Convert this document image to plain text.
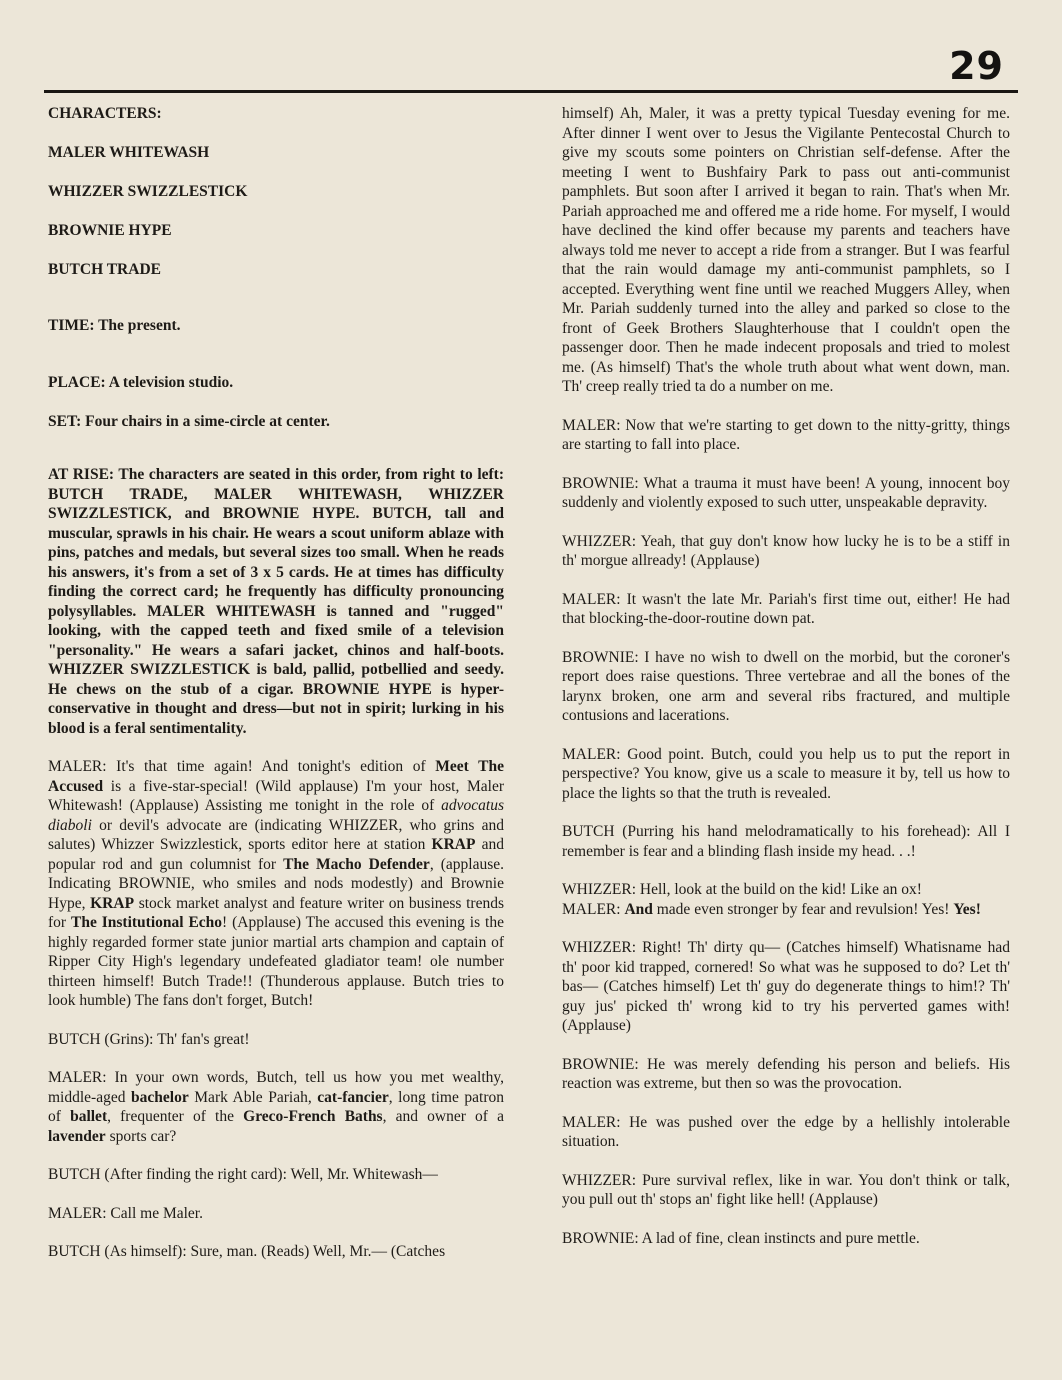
29

CHARACTERS:

MALER WHITEWASH

WHIZZER SWIZZLESTICK

BROWNIE HYPE

BUTCH TRADE

TIME: The present.

PLACE: A television studio.

SET: Four chairs in a sime-circle at center.

AT RISE: The characters are seated in this order, from right to left: BUTCH TRADE, MALER WHITEWASH, WHIZZER SWIZZLESTICK, and BROWNIE HYPE. BUTCH, tall and muscular, sprawls in his chair. He wears a scout uniform ablaze with pins, patches and medals, but several sizes too small. When he reads his answers, it's from a set of 3 x 5 cards. He at times has difficulty finding the correct card; he frequently has difficulty pronouncing polysyllables. MALER WHITEWASH is tanned and "rugged" looking, with the capped teeth and fixed smile of a television "personality." He wears a safari jacket, chinos and half-boots. WHIZZER SWIZZLESTICK is bald, pallid, potbellied and seedy. He chews on the stub of a cigar. BROWNIE HYPE is hyper-conservative in thought and dress—but not in spirit; lurking in his blood is a feral sentimentality.

MALER: It's that time again! And tonight's edition of Meet The Accused is a five-star-special! (Wild applause) I'm your host, Maler Whitewash! (Applause) Assisting me tonight in the role of advocatus diaboli or devil's advocate are (indicating WHIZZER, who grins and salutes) Whizzer Swizzlestick, sports editor here at station KRAP and popular rod and gun columnist for The Macho Defender, (applause. Indicating BROWNIE, who smiles and nods modestly) and Brownie Hype, KRAP stock market analyst and feature writer on business trends for The Institutional Echo! (Applause) The accused this evening is the highly regarded former state junior martial arts champion and captain of Ripper City High's legendary undefeated gladiator team! ole number thirteen himself! Butch Trade!! (Thunderous applause. Butch tries to look humble) The fans don't forget, Butch!

BUTCH (Grins): Th' fan's great!

MALER: In your own words, Butch, tell us how you met wealthy, middle-aged bachelor Mark Able Pariah, cat-fancier, long time patron of ballet, frequenter of the Greco-French Baths, and owner of a lavender sports car?

BUTCH (After finding the right card): Well, Mr. Whitewash—

MALER: Call me Maler.

BUTCH (As himself): Sure, man. (Reads) Well, Mr.— (Catches

himself) Ah, Maler, it was a pretty typical Tuesday evening for me. After dinner I went over to Jesus the Vigilante Pentecostal Church to give my scouts some pointers on Christian self-defense. After the meeting I went to Bushfairy Park to pass out anti-communist pamphlets. But soon after I arrived it began to rain. That's when Mr. Pariah approached me and offered me a ride home. For myself, I would have declined the kind offer because my parents and teachers have always told me never to accept a ride from a stranger. But I was fearful that the rain would damage my anti-communist pamphlets, so I accepted. Everything went fine until we reached Muggers Alley, when Mr. Pariah suddenly turned into the alley and parked so close to the front of Geek Brothers Slaughterhouse that I couldn't open the passenger door. Then he made indecent proposals and tried to molest me. (As himself) That's the whole truth about what went down, man. Th' creep really tried ta do a number on me.

MALER: Now that we're starting to get down to the nitty-gritty, things are starting to fall into place.

BROWNIE: What a trauma it must have been! A young, innocent boy suddenly and violently exposed to such utter, unspeakable depravity.

WHIZZER: Yeah, that guy don't know how lucky he is to be a stiff in th' morgue allready! (Applause)

MALER: It wasn't the late Mr. Pariah's first time out, either! He had that blocking-the-door-routine down pat.

BROWNIE: I have no wish to dwell on the morbid, but the coroner's report does raise questions. Three vertebrae and all the bones of the larynx broken, one arm and several ribs fractured, and multiple contusions and lacerations.

MALER: Good point. Butch, could you help us to put the report in perspective? You know, give us a scale to measure it by, tell us how to place the lights so that the truth is revealed.

BUTCH (Purring his hand melodramatically to his forehead): All I remember is fear and a blinding flash inside my head. . .!

WHIZZER: Hell, look at the build on the kid! Like an ox!

MALER: And made even stronger by fear and revulsion! Yes! Yes!

WHIZZER: Right! Th' dirty qu— (Catches himself) Whatisname had th' poor kid trapped, cornered! So what was he supposed to do? Let th' bas— (Catches himself) Let th' guy do degenerate things to him!? Th' guy jus' picked th' wrong kid to try his perverted games with! (Applause)

BROWNIE: He was merely defending his person and beliefs. His reaction was extreme, but then so was the provocation.

MALER: He was pushed over the edge by a hellishly intolerable situation.

WHIZZER: Pure survival reflex, like in war. You don't think or talk, you pull out th' stops an' fight like hell! (Applause)

BROWNIE: A lad of fine, clean instincts and pure mettle.
